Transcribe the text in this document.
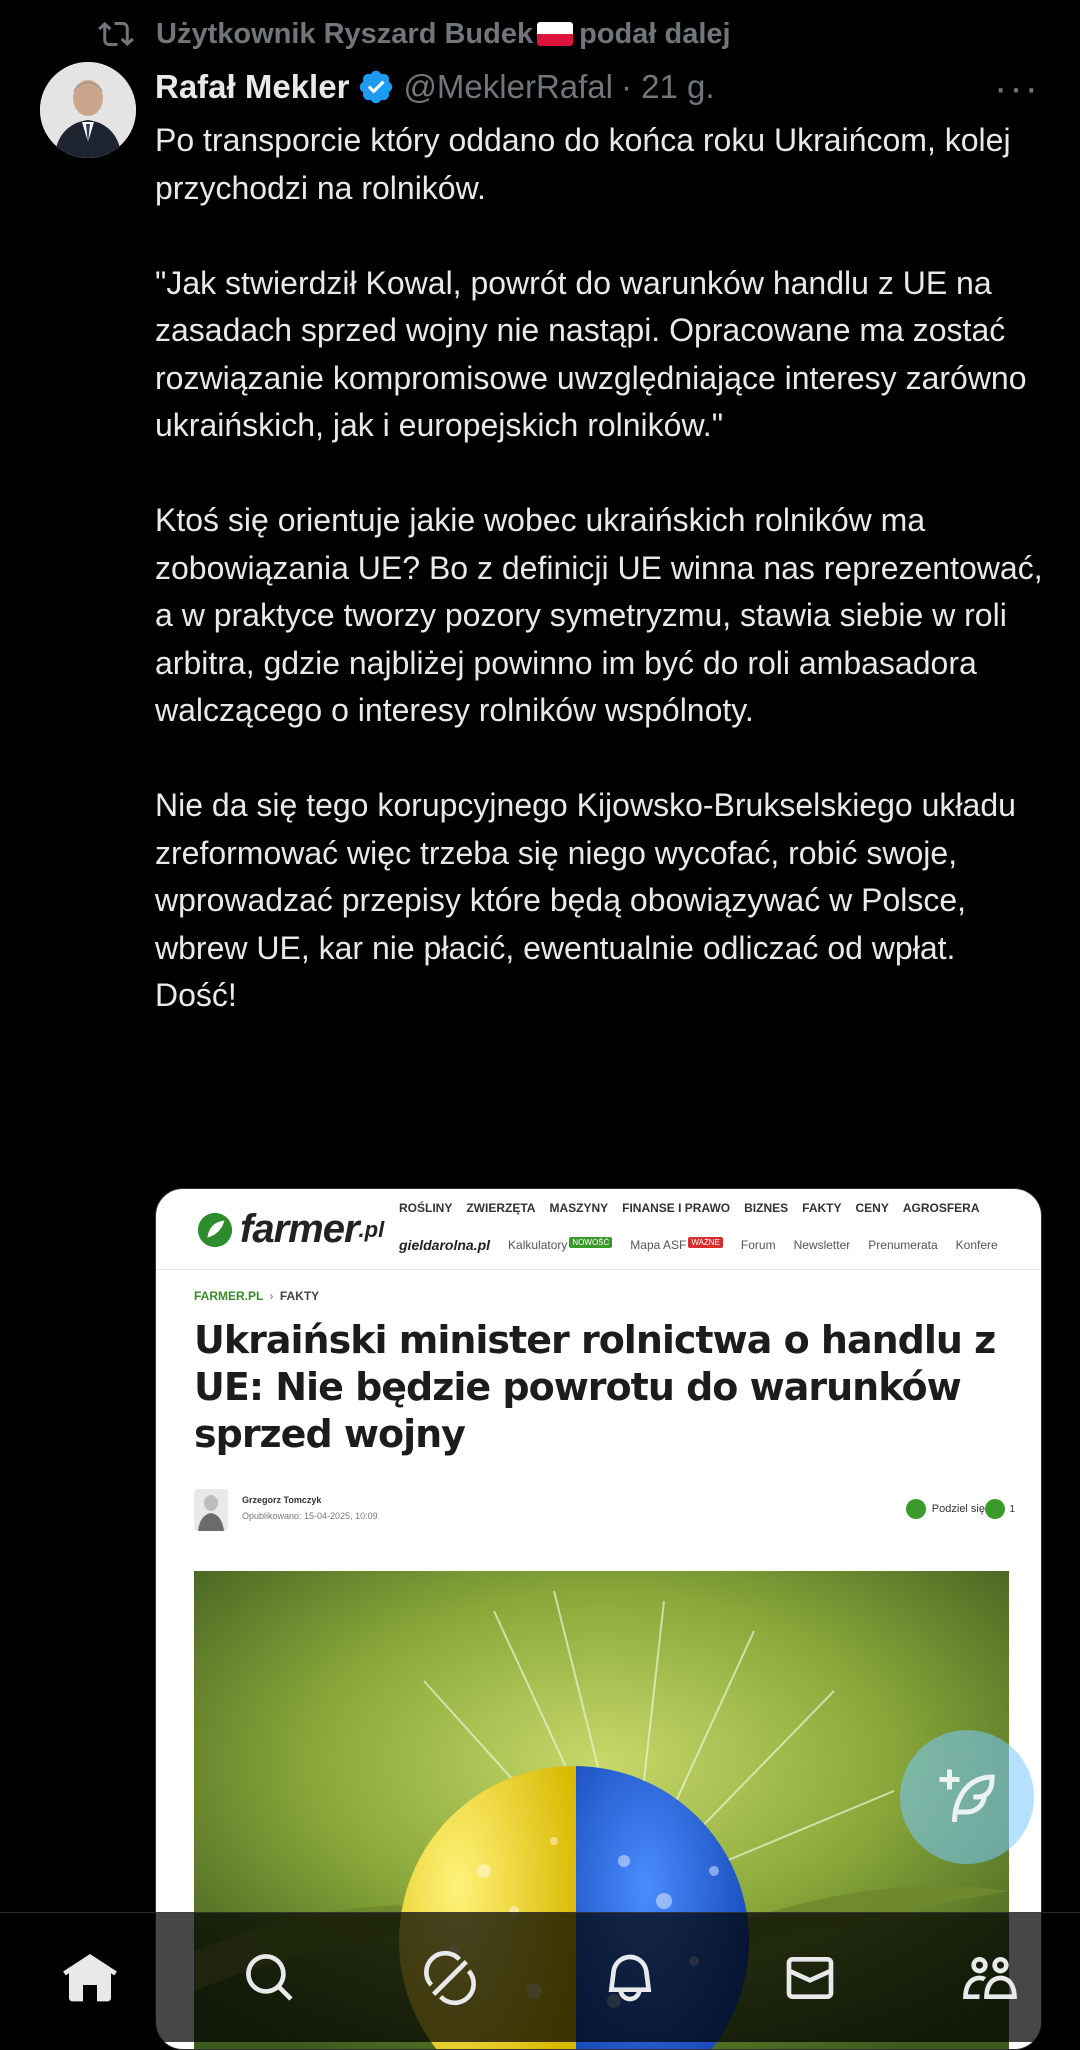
Użytkownik Ryszard Budek podał dalej
Rafał Mekler @MeklerRafal · 21 g.	···
Po transporcie który oddano do końca roku Ukraińcom, kolej przychodzi na rolników.

"Jak stwierdził Kowal, powrót do warunków handlu z UE na zasadach sprzed wojny nie nastąpi. Opracowane ma zostać rozwiązanie kompromisowe uwzględniające interesy zarówno ukraińskich, jak i europejskich rolników."

Ktoś się orientuje jakie wobec ukraińskich rolników ma zobowiązania UE? Bo z definicji UE winna nas reprezentować, a w praktyce tworzy pozory symetryzmu, stawia siebie w roli arbitra, gdzie najbliżej powinno im być do roli ambasadora walczącego o interesy rolników wspólnoty.

Nie da się tego korupcyjnego Kijowsko-Brukselskiego układu zreformować więc trzeba się niego wycofać, robić swoje, wprowadzać przepisy które będą obowiązywać w Polsce, wbrew UE, kar nie płacić, ewentualnie odliczać od wpłat.
Dość!
farmer .pl
ROŚLINY ZWIERZĘTA MASZYNY FINANSE I PRAWO BIZNES FAKTY CENY AGROSFERA
gieldarolna.pl Kalkulatory $^{NOWOŚĆ}$ Mapa ASF $^{WAŻNE}$ Forum Newsletter Prenumerata Konfere
FARMER.PL › FAKTY
Ukraiński minister rolnictwa o handlu z UE: Nie będzie powrotu do warunków sprzed wojny
Grzegorz Tomczyk
Opublikowano: 15-04-2025, 10:09
Podziel się 1
